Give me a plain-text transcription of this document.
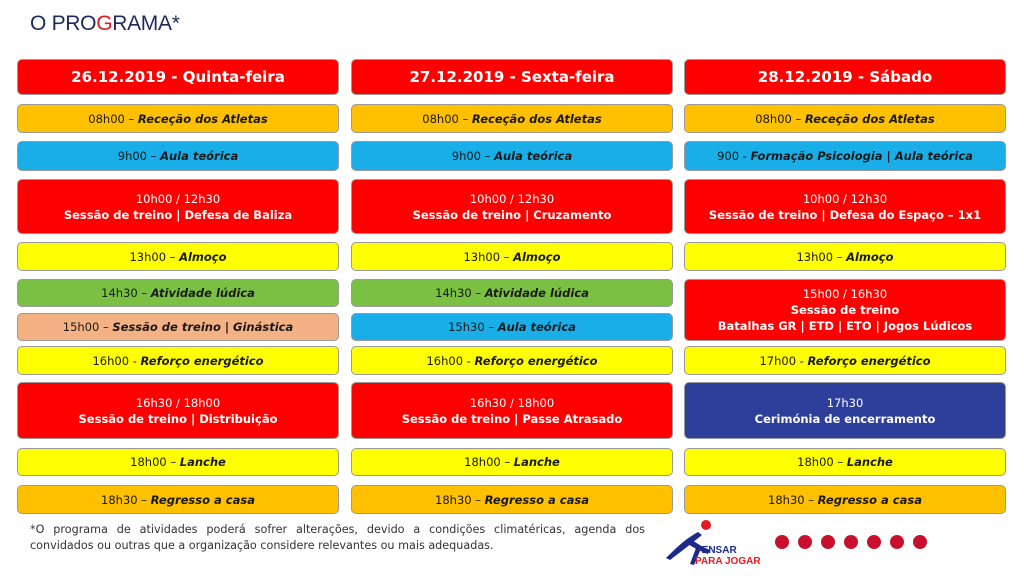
O PROGRAMA*
26.12.2019 - Quinta-feira
08h00 – Receção dos Atletas
9h00 – Aula teórica
10h00 / 12h30
Sessão de treino | Defesa de Baliza
13h00 – Almoço
14h30 – Atividade lúdica
15h00 – Sessão de treino | Ginástica
16h00 - Reforço energético
16h30 / 18h00
Sessão de treino | Distribuição
18h00 – Lanche
18h30 – Regresso a casa
27.12.2019 - Sexta-feira
08h00 – Receção dos Atletas
9h00 – Aula teórica
10h00 / 12h30
Sessão de treino | Cruzamento
13h00 – Almoço
14h30 – Atividade lúdica
15h30 – Aula teórica
16h00 - Reforço energético
16h30 / 18h00
Sessão de treino | Passe Atrasado
18h00 – Lanche
18h30 – Regresso a casa
28.12.2019 - Sábado
08h00 – Receção dos Atletas
900 - Formação Psicologia | Aula teórica
10h00 / 12h30
Sessão de treino | Defesa do Espaço – 1x1
13h00 – Almoço
15h00 / 16h30
Sessão de treino
Batalhas GR | ETD | ETO | Jogos Lúdicos
17h00 - Reforço energético
17h30
Cerimónia de encerramento
18h00 – Lanche
18h30 – Regresso a casa
*O programa de atividades poderá sofrer alterações, devido a condições climatéricas, agenda dos convidados ou outras que a organização considere relevantes ou mais adequadas.	PENSAR
PARA JOGAR
